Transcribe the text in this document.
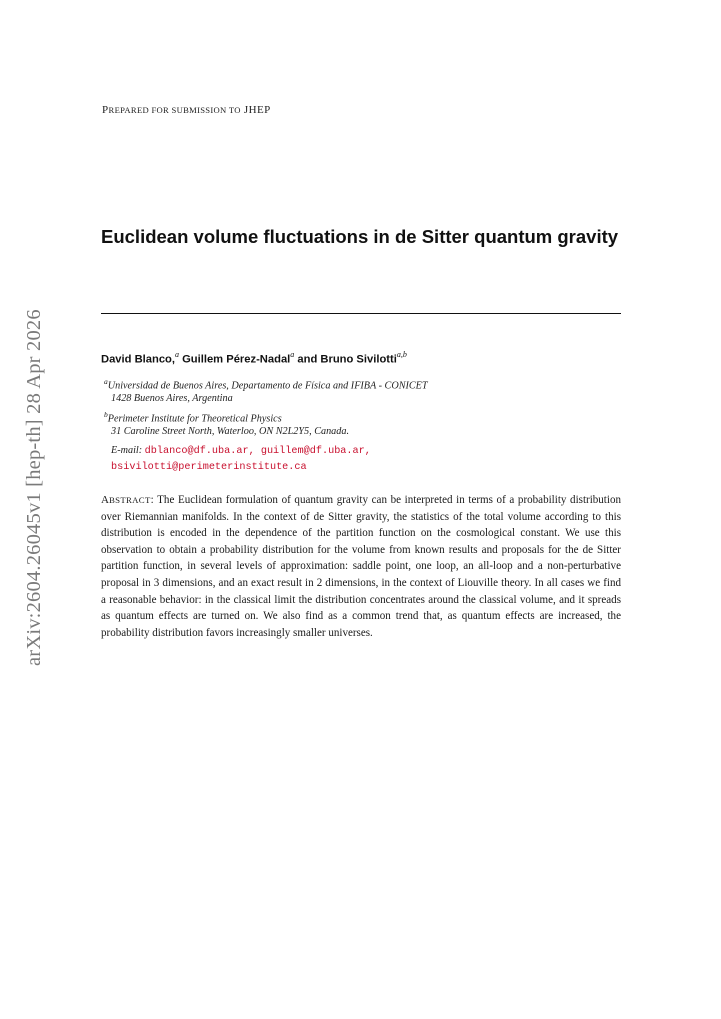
arXiv:2604.26045v1 [hep-th] 28 Apr 2026
PREPARED FOR SUBMISSION TO JHEP
Euclidean volume fluctuations in de Sitter quantum gravity
David Blanco,$^a$ Guillem Pérez-Nadal$^a$ and Bruno Sivilotti$^{a,b}$
$^a$Universidad de Buenos Aires, Departamento de Física and IFIBA - CONICET
1428 Buenos Aires, Argentina
$^b$Perimeter Institute for Theoretical Physics
31 Caroline Street North, Waterloo, ON N2L2Y5, Canada.
E-mail: dblanco@df.uba.ar, guillem@df.uba.ar,
bsivilotti@perimeterinstitute.ca

ABSTRACT: The Euclidean formulation of quantum gravity can be interpreted in terms of a probability distribution over Riemannian manifolds. In the context of de Sitter gravity, the statistics of the total volume according to this distribution is encoded in the dependence of the partition function on the cosmological constant. We use this observation to obtain a probability distribution for the volume from known results and proposals for the de Sitter partition function, in several levels of approximation: saddle point, one loop, an all-loop and a non-perturbative proposal in 3 dimensions, and an exact result in 2 dimensions, in the context of Liouville theory. In all cases we find a reasonable behavior: in the classical limit the distribution concentrates around the classical volume, and it spreads as quantum effects are turned on. We also find as a common trend that, as quantum effects are increased, the probability distribution favors increasingly smaller universes.
